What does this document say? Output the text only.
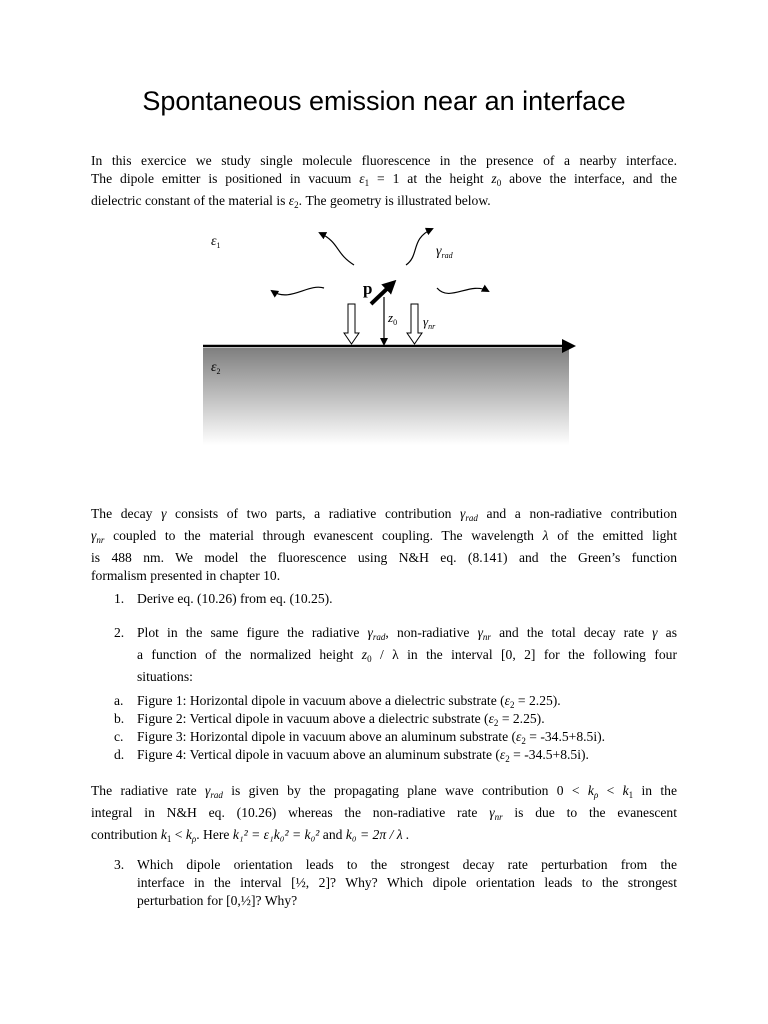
Spontaneous emission near an interface
In this exercice we study single molecule fluorescence in the presence of a nearby interface.
The dipole emitter is positioned in vacuum $\varepsilon_1 = 1$ at the height $z_0$ above the interface, and the
dielectric constant of the material is $\varepsilon_2$. The geometry is illustrated below.
$\varepsilon_1$
$\varepsilon_2$
$\gamma_{rad}$
p
$z_0$ $\gamma_{nr}$
The decay γ consists of two parts, a radiative contribution $\gamma_{rad}$ and a non-radiative contribution
$\gamma_{nr}$ coupled to the material through evanescent coupling. The wavelength λ of the emitted light
is 488 nm. We model the fluorescence using N&H eq. (8.141) and the Green’s function
formalism presented in chapter 10.
1. Derive eq. (10.26) from eq. (10.25).
2. Plot in the same figure the radiative $\gamma_{rad}$, non-radiative $\gamma_{nr}$ and the total decay rate γ as
a function of the normalized height $z_0$ / λ in the interval [0, 2] for the following four
situations:
a. Figure 1: Horizontal dipole in vacuum above a dielectric substrate $(\varepsilon_2 = 2.25)$.
b. Figure 2: Vertical dipole in vacuum above a dielectric substrate $(\varepsilon_2 = 2.25)$.
c. Figure 3: Horizontal dipole in vacuum above an aluminum substrate $(\varepsilon_2 = -34.5+8.5i)$.
d. Figure 4: Vertical dipole in vacuum above an aluminum substrate $(\varepsilon_2 = -34.5+8.5i)$.
The radiative rate $\gamma_{rad}$ is given by the propagating plane wave contribution $0 < k_\rho < k_1$ in the
integral in N&H eq. (10.26) whereas the non-radiative rate $\gamma_{nr}$ is due to the evanescent
contribution $k_1 < k_\rho$. Here k₁² = ε₁k₀² = k₀² and k₀ = 2π / λ .
3. Which dipole orientation leads to the strongest decay rate perturbation from the
interface in the interval [½, 2]? Why? Which dipole orientation leads to the strongest
perturbation for [0,½]? Why?
